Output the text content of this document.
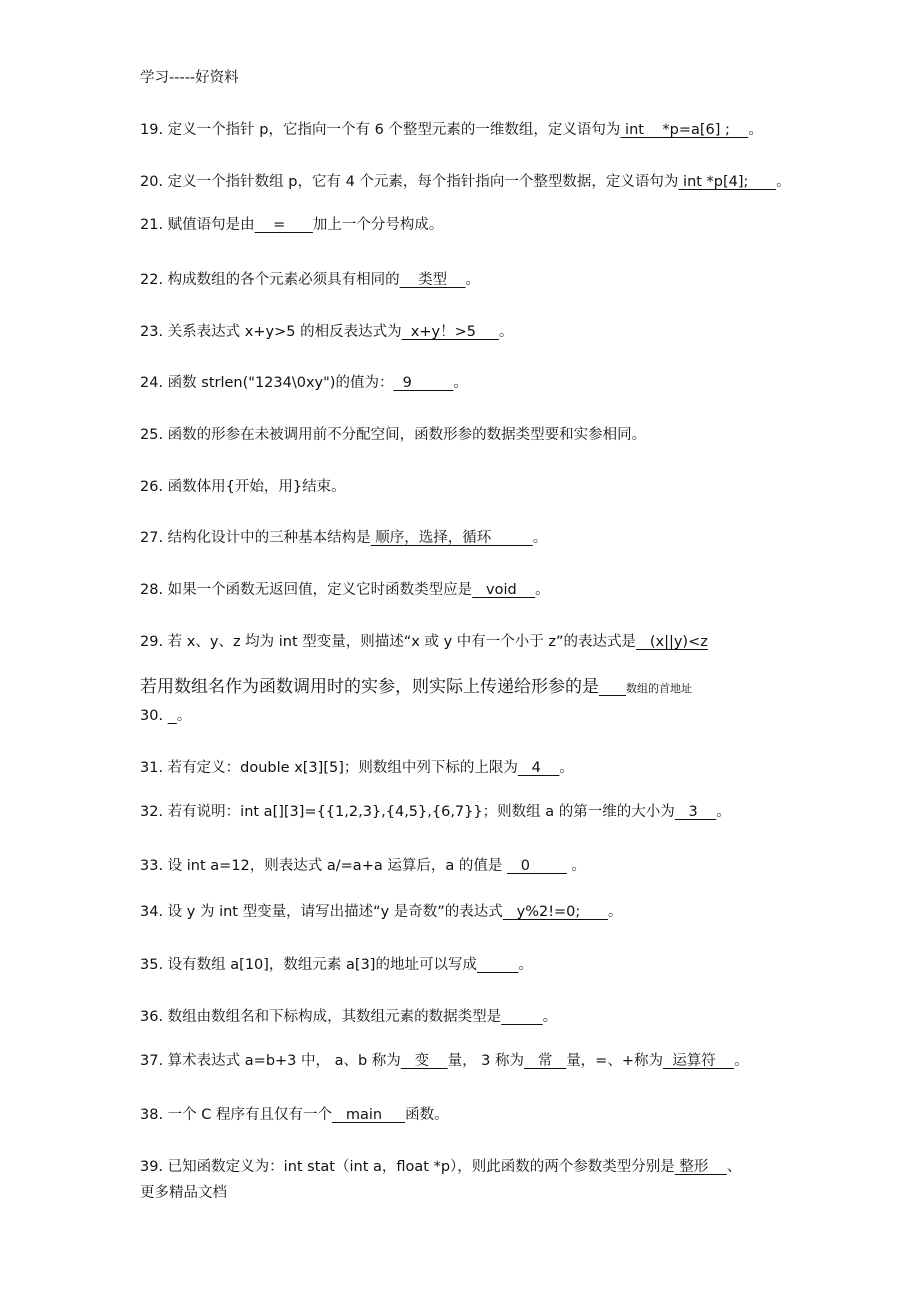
学习-----好资料
19. 定义一个指针 p，它指向一个有 6 个整型元素的一维数组，定义语句为 int    *p=a[6] ;    。
20. 定义一个指针数组 p，它有 4 个元素，每个指针指向一个整型数据，定义语句为 int *p[4];      。
21. 赋值语句是由    =      加上一个分号构成。
22. 构成数组的各个元素必须具有相同的    类型    。
23. 关系表达式 x+y>5 的相反表达式为  x+y！>5     。
24. 函数 strlen("1234\0xy")的值为：  9         。
25. 函数的形参在未被调用前不分配空间，函数形参的数据类型要和实参相同。
26. 函数体用{开始，用}结束。
27. 结构化设计中的三种基本结构是 顺序，选择，循环         。
28. 如果一个函数无返回值，定义它时函数类型应是   void    。
29. 若 x、y、z 均为 int 型变量，则描述“x 或 y 中有一个小于 z”的表达式是   (x||y)<z
若用数组名作为函数调用时的实参，则实际上传递给形参的是 数组的首地址
30.   。
31. 若有定义：double x[3][5]；则数组中列下标的上限为   4    。
32. 若有说明：int a[][3]={{1,2,3},{4,5},{6,7}}；则数组 a 的第一维的大小为   3    。
33. 设 int a=12，则表达式 a/=a+a 运算后，a 的值是    0         。
34. 设 y 为 int 型变量，请写出描述“y 是奇数”的表达式   y%2!=0;      。
35. 设有数组 a[10]，数组元素 a[3]的地址可以写成	。
36. 数组由数组名和下标构成，其数组元素的数据类型是	。
37. 算术表达式 a=b+3 中， a、b 称为   变    量， 3 称为   常   量，=、+称为  运算符    。
38. 一个 C 程序有且仅有一个   main     函数。
39. 已知函数定义为：int stat（int a，float *p），则此函数的两个参数类型分别是 整形    、
更多精品文档
